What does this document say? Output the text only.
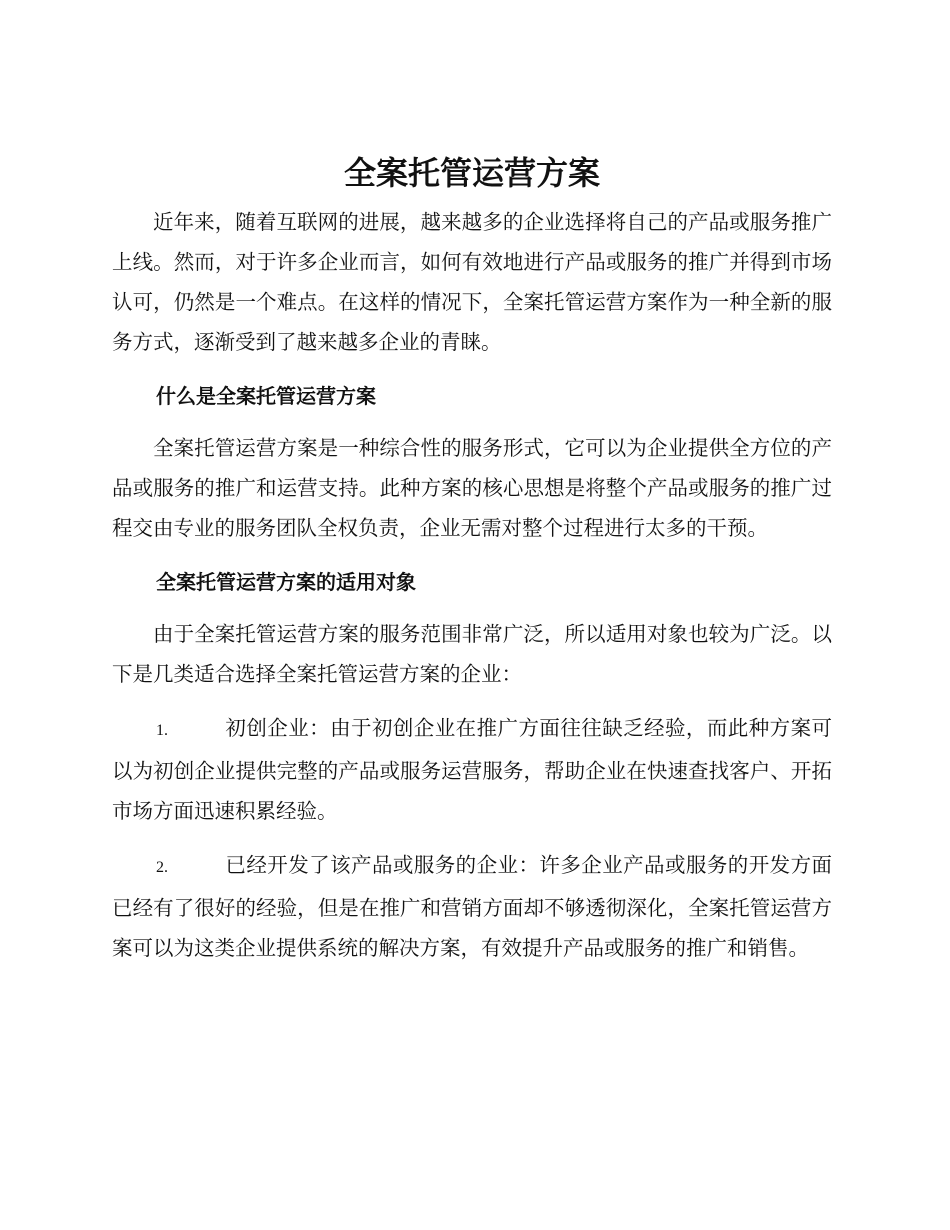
全案托管运营方案

近年来，随着互联网的进展，越来越多的企业选择将自己的产品或服务推广上线。然而，对于许多企业而言，如何有效地进行产品或服务的推广并得到市场认可，仍然是一个难点。在这样的情况下，全案托管运营方案作为一种全新的服务方式，逐渐受到了越来越多企业的青睐。

什么是全案托管运营方案

全案托管运营方案是一种综合性的服务形式，它可以为企业提供全方位的产品或服务的推广和运营支持。此种方案的核心思想是将整个产品或服务的推广过程交由专业的服务团队全权负责，企业无需对整个过程进行太多的干预。

全案托管运营方案的适用对象

由于全案托管运营方案的服务范围非常广泛，所以适用对象也较为广泛。以下是几类适合选择全案托管运营方案的企业：

1.	初创企业：由于初创企业在推广方面往往缺乏经验，而此种方案可以为初创企业提供完整的产品或服务运营服务，帮助企业在快速查找客户、开拓市场方面迅速积累经验。

2.	已经开发了该产品或服务的企业：许多企业产品或服务的开发方面已经有了很好的经验，但是在推广和营销方面却不够透彻深化，全案托管运营方案可以为这类企业提供系统的解决方案，有效提升产品或服务的推广和销售。
